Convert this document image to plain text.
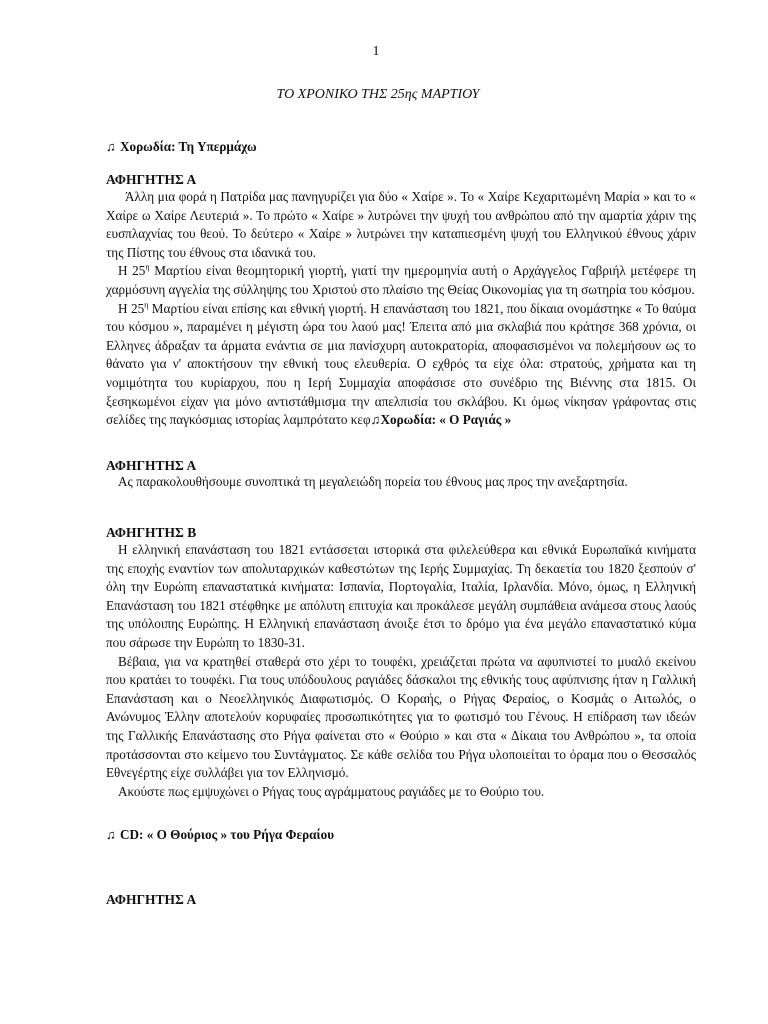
1
ΤΟ ΧΡΟΝΙΚΟ ΤΗΣ 25ης ΜΑΡΤΙΟΥ
♫ Χορωδία: Τη Υπερμάχω
ΑΦΗΓΗΤΗΣ Α

Άλλη μια φορά η Πατρίδα μας πανηγυρίζει για δύο « Χαίρε ». Το « Χαίρε Κεχαριτωμένη Μαρία » και το « Χαίρε ω Χαίρε Λευτεριά ». Το πρώτο « Χαίρε » λυτρώνει την ψυχή του ανθρώπου από την αμαρτία χάριν της ευσπλαχνίας του θεού. Το δεύτερο « Χαίρε » λυτρώνει την καταπιεσμένη ψυχή του Ελληνικού έθνους χάριν της Πίστης του έθνους στα ιδανικά του.

Η $25^\eta$ Μαρτίου είναι θεομητορική γιορτή, γιατί την ημερομηνία αυτή ο Αρχάγγελος Γαβριήλ μετέφερε τη χαρμόσυνη αγγελία της σύλληψης του Χριστού στο πλαίσιο της Θείας Οικονομίας για τη σωτηρία του κόσμου.

Η $25^\eta$ Μαρτίου είναι επίσης και εθνική γιορτή. Η επανάσταση του 1821, που δίκαια ονομάστηκε « Το θαύμα του κόσμου », παραμένει η μέγιστη ώρα του λαού μας! Έπειτα από μια σκλαβιά που κράτησε 368 χρόνια, οι Ελληνες άδραξαν τα άρματα ενάντια σε μια πανίσχυρη αυτοκρατορία, αποφασισμένοι να πολεμήσουν ως το θάνατο για ν' αποκτήσουν την εθνική τους ελευθερία. Ο εχθρός τα είχε όλα: στρατούς, χρήματα και τη νομιμότητα του κυρίαρχου, που η Ιερή Συμμαχία αποφάσισε στο συνέδριο της Βιέννης στα 1815. Οι ξεσηκωμένοι είχαν για μόνο αντιστάθμισμα την απελπισία του σκλάβου. Κι όμως νίκησαν γράφοντας στις σελίδες της παγκόσμιας ιστορίας λαμπρότατο κεφ♫Χορωδία: « Ο Ραγιάς »

ΑΦΗΓΗΤΗΣ Α

Ας παρακολουθήσουμε συνοπτικά τη μεγαλειώδη πορεία του έθνους μας προς την ανεξαρτησία.

ΑΦΗΓΗΤΗΣ Β

Η ελληνική επανάσταση του 1821 εντάσσεται ιστορικά στα φιλελεύθερα και εθνικά Ευρωπαϊκά κινήματα της εποχής εναντίον των απολυταρχικών καθεστώτων της Ιερής Συμμαχίας. Τη δεκαετία του 1820 ξεσπούν σ' όλη την Ευρώπη επαναστατικά κινήματα: Ισπανία, Πορτογαλία, Ιταλία, Ιρλανδία. Μόνο, όμως, η Ελληνική Επανάσταση του 1821 στέφθηκε με απόλυτη επιτυχία και προκάλεσε μεγάλη συμπάθεια ανάμεσα στους λαούς της υπόλοιπης Ευρώπης. Η Ελληνική επανάσταση άνοιξε έτσι το δρόμο για ένα μεγάλο επαναστατικό κύμα που σάρωσε την Ευρώπη το 1830-31.

Βέβαια, για να κρατηθεί σταθερά στο χέρι το τουφέκι, χρειάζεται πρώτα να αφυπνιστεί το μυαλό εκείνου που κρατάει το τουφέκι. Για τους υπόδουλους ραγιάδες δάσκαλοι της εθνικής τους αφύπνισης ήταν η Γαλλική Επανάσταση και ο Νεοελληνικός Διαφωτισμός. Ο Κοραής, ο Ρήγας Φεραίος, ο Κοσμάς ο Αιτωλός, ο Ανώνυμος Έλλην αποτελούν κορυφαίες προσωπικότητες για το φωτισμό του Γένους. Η επίδραση των ιδεών της Γαλλικής Επανάστασης στο Ρήγα φαίνεται στο « Θούριο » και στα « Δίκαια του Ανθρώπου », τα οποία προτάσσονται στο κείμενο του Συντάγματος. Σε κάθε σελίδα του Ρήγα υλοποιείται το όραμα που ο Θεσσαλός Εθνεγέρτης είχε συλλάβει για τον Ελληνισμό.

Ακούστε πως εμψυχώνει ο Ρήγας τους αγράμματους ραγιάδες με το Θούριο του.

♫ CD: « Ο Θούριος » του Ρήγα Φεραίου
ΑΦΗΓΗΤΗΣ Α
